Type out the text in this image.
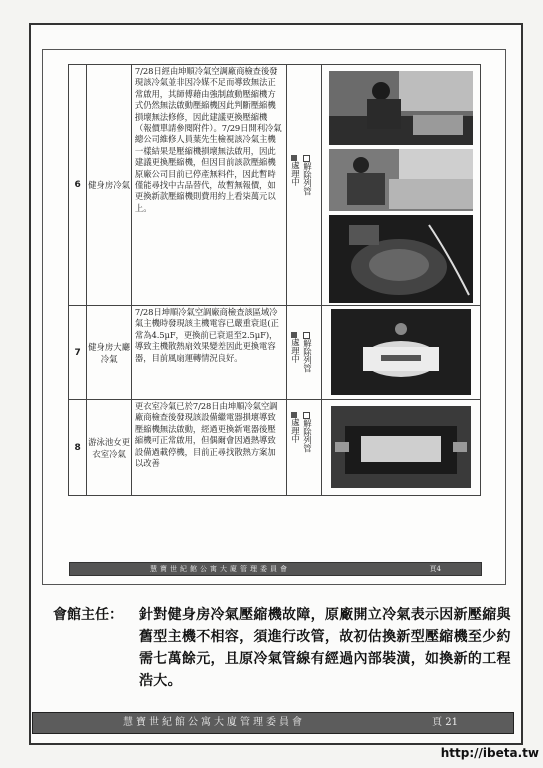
6	健身房冷氣	7/28日經由坤順冷氣空調廠商檢查後發現該冷氣並非因冷媒不足而導致無法正常啟用，其師傅藉由強制啟動壓縮機方式仍然無法啟動壓縮機因此判斷壓縮機損壞無法修修，因此建議更換壓縮機（報價單請參閱附件）。7/29日開利冷氣總公司維修人員葉先生檢視該冷氣主機一樣結果是壓縮機損壞無法啟用，因此建議更換壓縮機，但因目前該款壓縮機原廠公司目前已停產無料件，因此暫時僅能尋找中古品替代，故暫無報價，如更換新款壓縮機則費用約上看柒萬元以上。	處理中 解除列管

7	健身房大廳冷氣	7/28日坤順冷氣空調廠商檢查該區域冷氣主機時發現該主機電容已嚴重衰退(正常為4.5μF，更換前已衰退至2.5μF)，導致主機散熱扇效果變差因此更換電容器，目前風扇運轉情況良好。	處理中 解除列管

8	游泳池女更衣室冷氣	更衣室冷氣已於7/28日由坤順冷氣空調廠商檢查後發現該設備繼電器損壞導致壓縮機無法啟動，經過更換新電器後壓縮機可正常啟用，但偶爾會因過熱導致設備過載停機，目前正尋找散熱方案加以改善	處理中 解除列管

慧寶世紀館公寓大廈管理委員會	頁4
會館主任： 針對健身房冷氣壓縮機故障，原廠開立冷氣表示因新壓縮與舊型主機不相容，須進行改管，故初估換新型壓縮機至少約需七萬餘元，且原冷氣管線有經過內部裝潢，如換新的工程浩大。
慧寶世紀館公寓大廈管理委員會	頁 21
http://ibeta.tw
